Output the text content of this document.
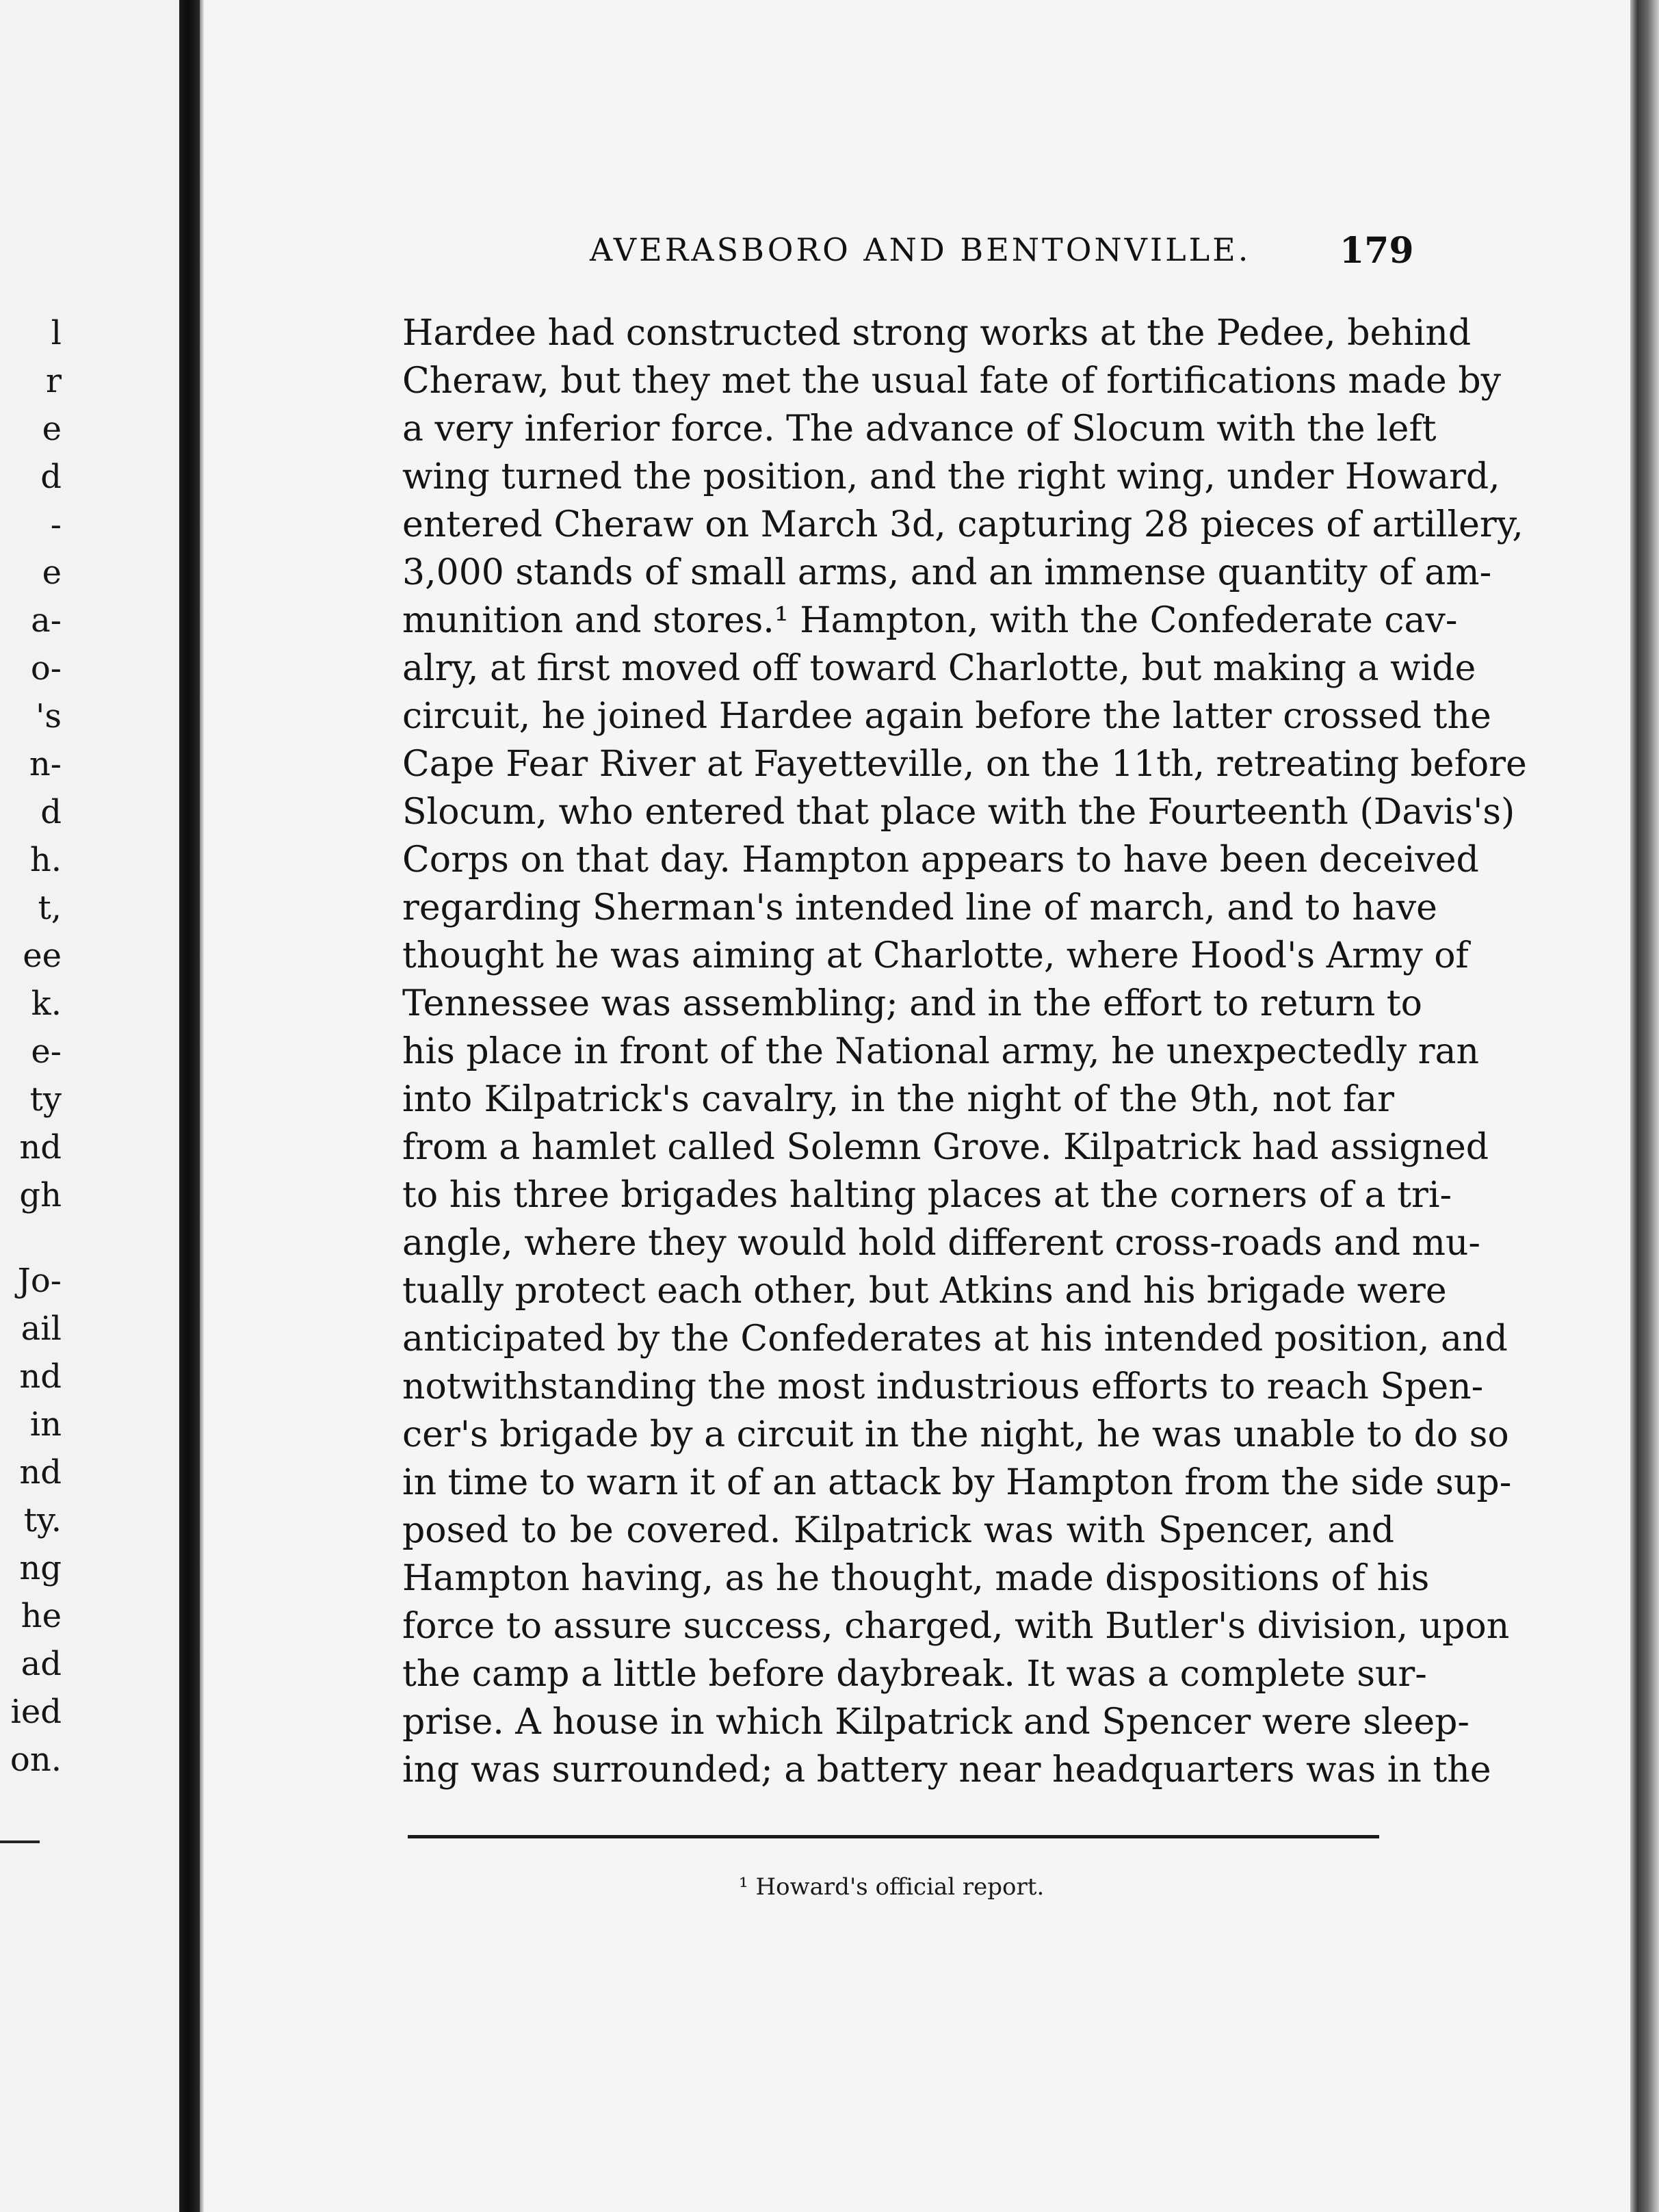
l
r
e
d
-
e
a-
o-
's
n-
d
h.
t,
ee
k.
e-
ty
nd
gh
Jo-
ail
nd
in
nd
ty.
ng
he
ad
ied
on.
AVERASBORO AND BENTONVILLE. 179
Hardee had constructed strong works at the Pedee, behind
Cheraw, but they met the usual fate of fortifications made by
a very inferior force. The advance of Slocum with the left
wing turned the position, and the right wing, under Howard,
entered Cheraw on March 3d, capturing 28 pieces of artillery,
3,000 stands of small arms, and an immense quantity of am-
munition and stores.¹ Hampton, with the Confederate cav-
alry, at first moved off toward Charlotte, but making a wide
circuit, he joined Hardee again before the latter crossed the
Cape Fear River at Fayetteville, on the 11th, retreating before
Slocum, who entered that place with the Fourteenth (Davis's)
Corps on that day. Hampton appears to have been deceived
regarding Sherman's intended line of march, and to have
thought he was aiming at Charlotte, where Hood's Army of
Tennessee was assembling; and in the effort to return to
his place in front of the National army, he unexpectedly ran
into Kilpatrick's cavalry, in the night of the 9th, not far
from a hamlet called Solemn Grove. Kilpatrick had assigned
to his three brigades halting places at the corners of a tri-
angle, where they would hold different cross-roads and mu-
tually protect each other, but Atkins and his brigade were
anticipated by the Confederates at his intended position, and
notwithstanding the most industrious efforts to reach Spen-
cer's brigade by a circuit in the night, he was unable to do so
in time to warn it of an attack by Hampton from the side sup-
posed to be covered. Kilpatrick was with Spencer, and
Hampton having, as he thought, made dispositions of his
force to assure success, charged, with Butler's division, upon
the camp a little before daybreak. It was a complete sur-
prise. A house in which Kilpatrick and Spencer were sleep-
ing was surrounded; a battery near headquarters was in the
¹ Howard's official report.
